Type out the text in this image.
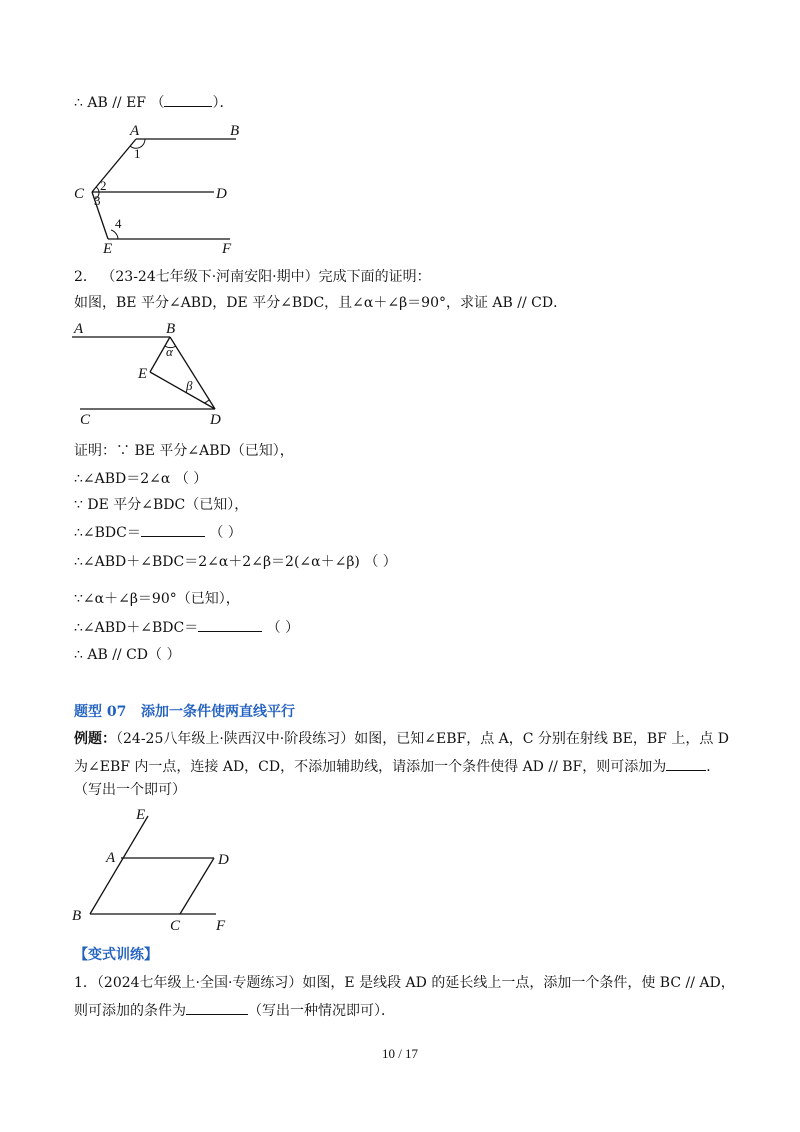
∴ AB // EF （	）．
A	B
C	D
E	F
1
2
3
4
2． （23-24七年级下·河南安阳·期中）完成下面的证明：
如图，BE 平分∠ABD，DE 平分∠BDC，且∠α＋∠β＝90°，求证 AB // CD．
A	B
α
E
β
C	D
证明：∵ BE 平分∠ABD（已知），
∴∠ABD＝2∠α （ ）
∵ DE 平分∠BDC（已知），
∴∠BDC＝	（ ）
∴∠ABD＋∠BDC＝2∠α＋2∠β＝2(∠α＋∠β) （ ）
∵∠α＋∠β＝90°（已知），
∴∠ABD＋∠BDC＝	（ ）
∴ AB // CD（ ）
题型 07 添加一条件使两直线平行
例题：（24-25八年级上·陕西汉中·阶段练习）如图，已知∠EBF，点 A，C 分别在射线 BE，BF 上，点 D
为∠EBF 内一点，连接 AD，CD，不添加辅助线，请添加一个条件使得 AD // BF，则可添加为	．
（写出一个即可）
E
A	D
B
C F
【变式训练】
1．（2024七年级上·全国·专题练习）如图，E 是线段 AD 的延长线上一点，添加一个条件，使 BC // AD，
则可添加的条件为	（写出一种情况即可）．
10 / 17
